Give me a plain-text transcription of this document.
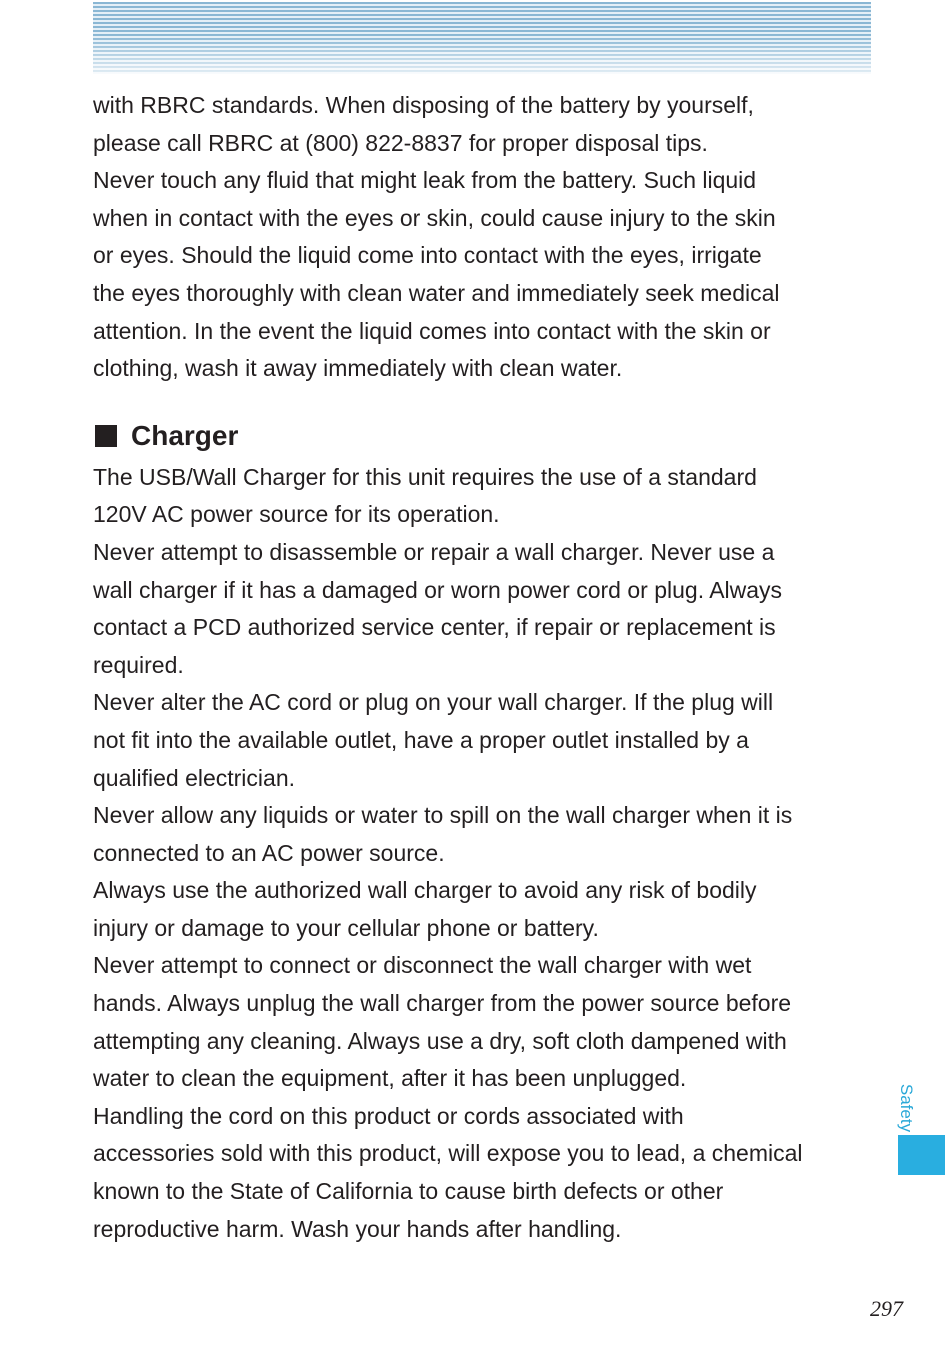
with RBRC standards. When disposing of the battery by yourself,
please call RBRC at (800) 822-8837 for proper disposal tips.
Never touch any fluid that might leak from the battery. Such liquid
when in contact with the eyes or skin, could cause injury to the skin
or eyes. Should the liquid come into contact with the eyes, irrigate
the eyes thoroughly with clean water and immediately seek medical
attention. In the event the liquid comes into contact with the skin or
clothing, wash it away immediately with clean water.

Charger

The USB/Wall Charger for this unit requires the use of a standard
120V AC power source for its operation.
Never attempt to disassemble or repair a wall charger. Never use a
wall charger if it has a damaged or worn power cord or plug. Always
contact a PCD authorized service center, if repair or replacement is
required.
Never alter the AC cord or plug on your wall charger. If the plug will
not fit into the available outlet, have a proper outlet installed by a
qualified electrician.
Never allow any liquids or water to spill on the wall charger when it is
connected to an AC power source.
Always use the authorized wall charger to avoid any risk of bodily
injury or damage to your cellular phone or battery.
Never attempt to connect or disconnect the wall charger with wet
hands. Always unplug the wall charger from the power source before
attempting any cleaning. Always use a dry, soft cloth dampened with
water to clean the equipment, after it has been unplugged.
Handling the cord on this product or cords associated with
accessories sold with this product, will expose you to lead, a chemical
known to the State of California to cause birth defects or other
reproductive harm. Wash your hands after handling.

Safety
297
